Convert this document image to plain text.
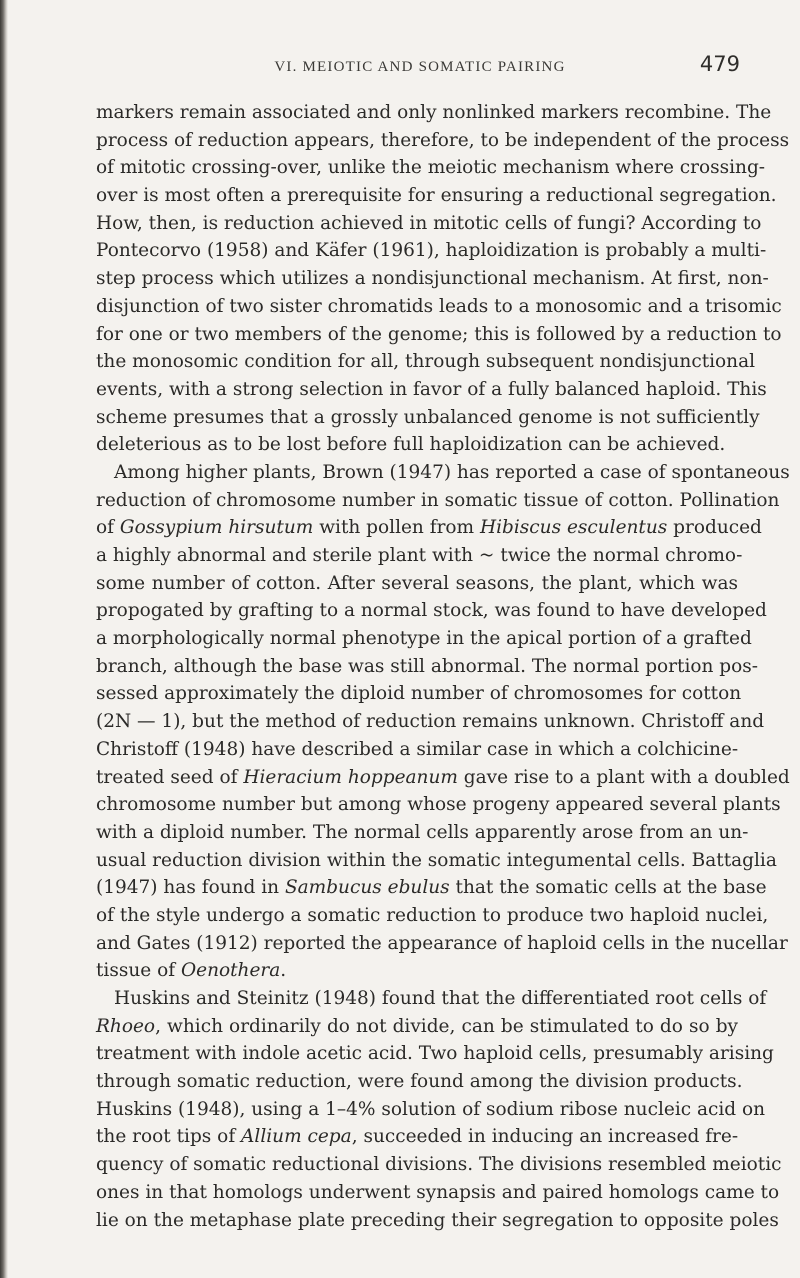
VI. MEIOTIC AND SOMATIC PAIRING	479
markers remain associated and only nonlinked markers recombine. The
process of reduction appears, therefore, to be independent of the process
of mitotic crossing-over, unlike the meiotic mechanism where crossing-
over is most often a prerequisite for ensuring a reductional segregation.
How, then, is reduction achieved in mitotic cells of fungi? According to
Pontecorvo (1958) and Käfer (1961), haploidization is probably a multi-
step process which utilizes a nondisjunctional mechanism. At first, non-
disjunction of two sister chromatids leads to a monosomic and a trisomic
for one or two members of the genome; this is followed by a reduction to
the monosomic condition for all, through subsequent nondisjunctional
events, with a strong selection in favor of a fully balanced haploid. This
scheme presumes that a grossly unbalanced genome is not sufficiently
deleterious as to be lost before full haploidization can be achieved.
Among higher plants, Brown (1947) has reported a case of spontaneous
reduction of chromosome number in somatic tissue of cotton. Pollination
of Gossypium hirsutum with pollen from Hibiscus esculentus produced
a highly abnormal and sterile plant with ~ twice the normal chromo-
some number of cotton. After several seasons, the plant, which was
propogated by grafting to a normal stock, was found to have developed
a morphologically normal phenotype in the apical portion of a grafted
branch, although the base was still abnormal. The normal portion pos-
sessed approximately the diploid number of chromosomes for cotton
(2N — 1), but the method of reduction remains unknown. Christoff and
Christoff (1948) have described a similar case in which a colchicine-
treated seed of Hieracium hoppeanum gave rise to a plant with a doubled
chromosome number but among whose progeny appeared several plants
with a diploid number. The normal cells apparently arose from an un-
usual reduction division within the somatic integumental cells. Battaglia
(1947) has found in Sambucus ebulus that the somatic cells at the base
of the style undergo a somatic reduction to produce two haploid nuclei,
and Gates (1912) reported the appearance of haploid cells in the nucellar
tissue of Oenothera.
Huskins and Steinitz (1948) found that the differentiated root cells of
Rhoeo, which ordinarily do not divide, can be stimulated to do so by
treatment with indole acetic acid. Two haploid cells, presumably arising
through somatic reduction, were found among the division products.
Huskins (1948), using a 1–4% solution of sodium ribose nucleic acid on
the root tips of Allium cepa, succeeded in inducing an increased fre-
quency of somatic reductional divisions. The divisions resembled meiotic
ones in that homologs underwent synapsis and paired homologs came to
lie on the metaphase plate preceding their segregation to opposite poles
